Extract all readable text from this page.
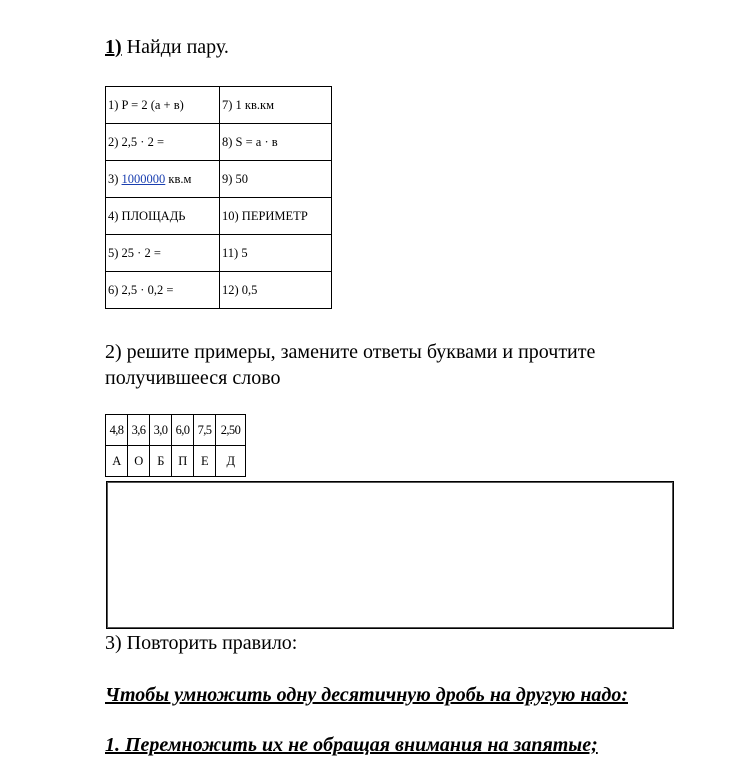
1) Найди пару.
1) P = 2 (a + в)	7) 1 кв.км
2) 2,5 · 2 =	8) S = a · в
3) 1000000 кв.м	9) 50
4) ПЛОЩАДЬ	10) ПЕРИМЕТР
5) 25 · 2 =	11) 5
6) 2,5 · 0,2 =	12) 0,5
2) решите примеры, замените ответы буквами и прочтите получившееся слово
4,8	3,6	3,0	6,0	7,5	2,50
А	О	Б	П	Е	Д
3) Повторить правило:
Чтобы умножить одну десятичную дробь на другую надо:
1. Перемножить их не обращая внимания на запятые;
